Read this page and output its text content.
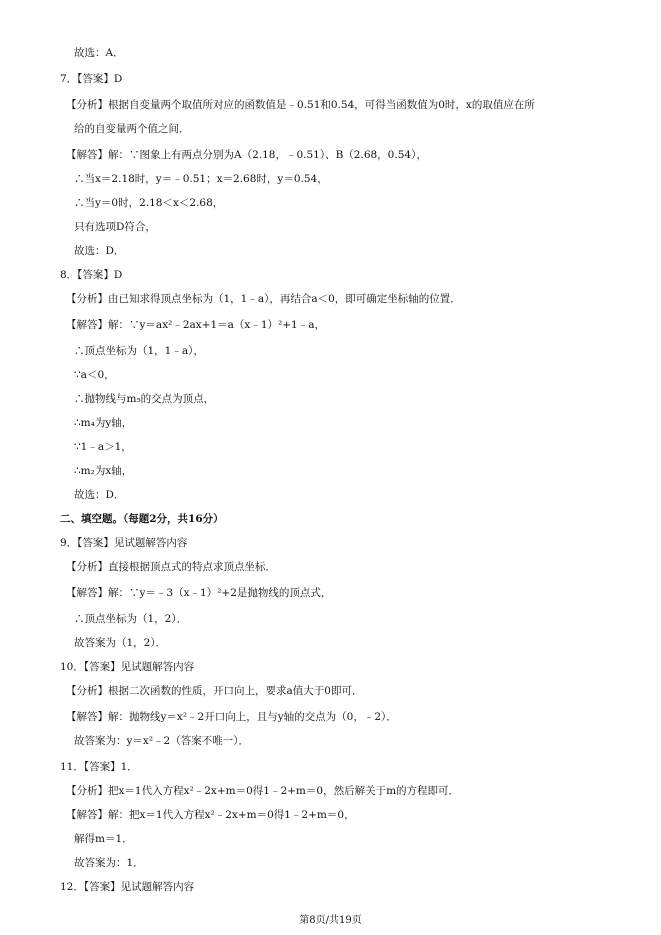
故选：A．
7．【答案】D
【分析】根据自变量两个取值所对应的函数值是﹣0.51和0.54，可得当函数值为0时，x的取值应在所
给的自变量两个值之间．
【解答】解：∵图象上有两点分别为A（2.18，﹣0.51）、B（2.68，0.54），
∴当x＝2.18时，y＝﹣0.51；x＝2.68时，y＝0.54，
∴当y＝0时，2.18＜x＜2.68，
只有选项D符合，
故选：D．
8．【答案】D
【分析】由已知求得顶点坐标为（1，1﹣a），再结合a＜0，即可确定坐标轴的位置．
【解答】解：∵y＝ax²﹣2ax+1＝a（x﹣1）²+1﹣a，
∴顶点坐标为（1，1﹣a），
∵a＜0，
∴抛物线与m₅的交点为顶点，
∴m₄为y轴，
∵1﹣a＞1，
∴m₂为x轴，
故选：D．
二、填空题。（每题2分，共16分）
9．【答案】见试题解答内容
【分析】直接根据顶点式的特点求顶点坐标．
【解答】解：∵y＝﹣3（x﹣1）²+2是抛物线的顶点式，
∴顶点坐标为（1，2）．
故答案为（1，2）．
10．【答案】见试题解答内容
【分析】根据二次函数的性质，开口向上，要求a值大于0即可．
【解答】解：抛物线y＝x²﹣2开口向上，且与y轴的交点为（0，﹣2）．
故答案为：y＝x²﹣2（答案不唯一）．
11．【答案】1．
【分析】把x＝1代入方程x²﹣2x+m＝0得1﹣2+m＝0，然后解关于m的方程即可．
【解答】解：把x＝1代入方程x²﹣2x+m＝0得1﹣2+m＝0，
解得m＝1．
故答案为：1．
12．【答案】见试题解答内容
第8页/共19页
